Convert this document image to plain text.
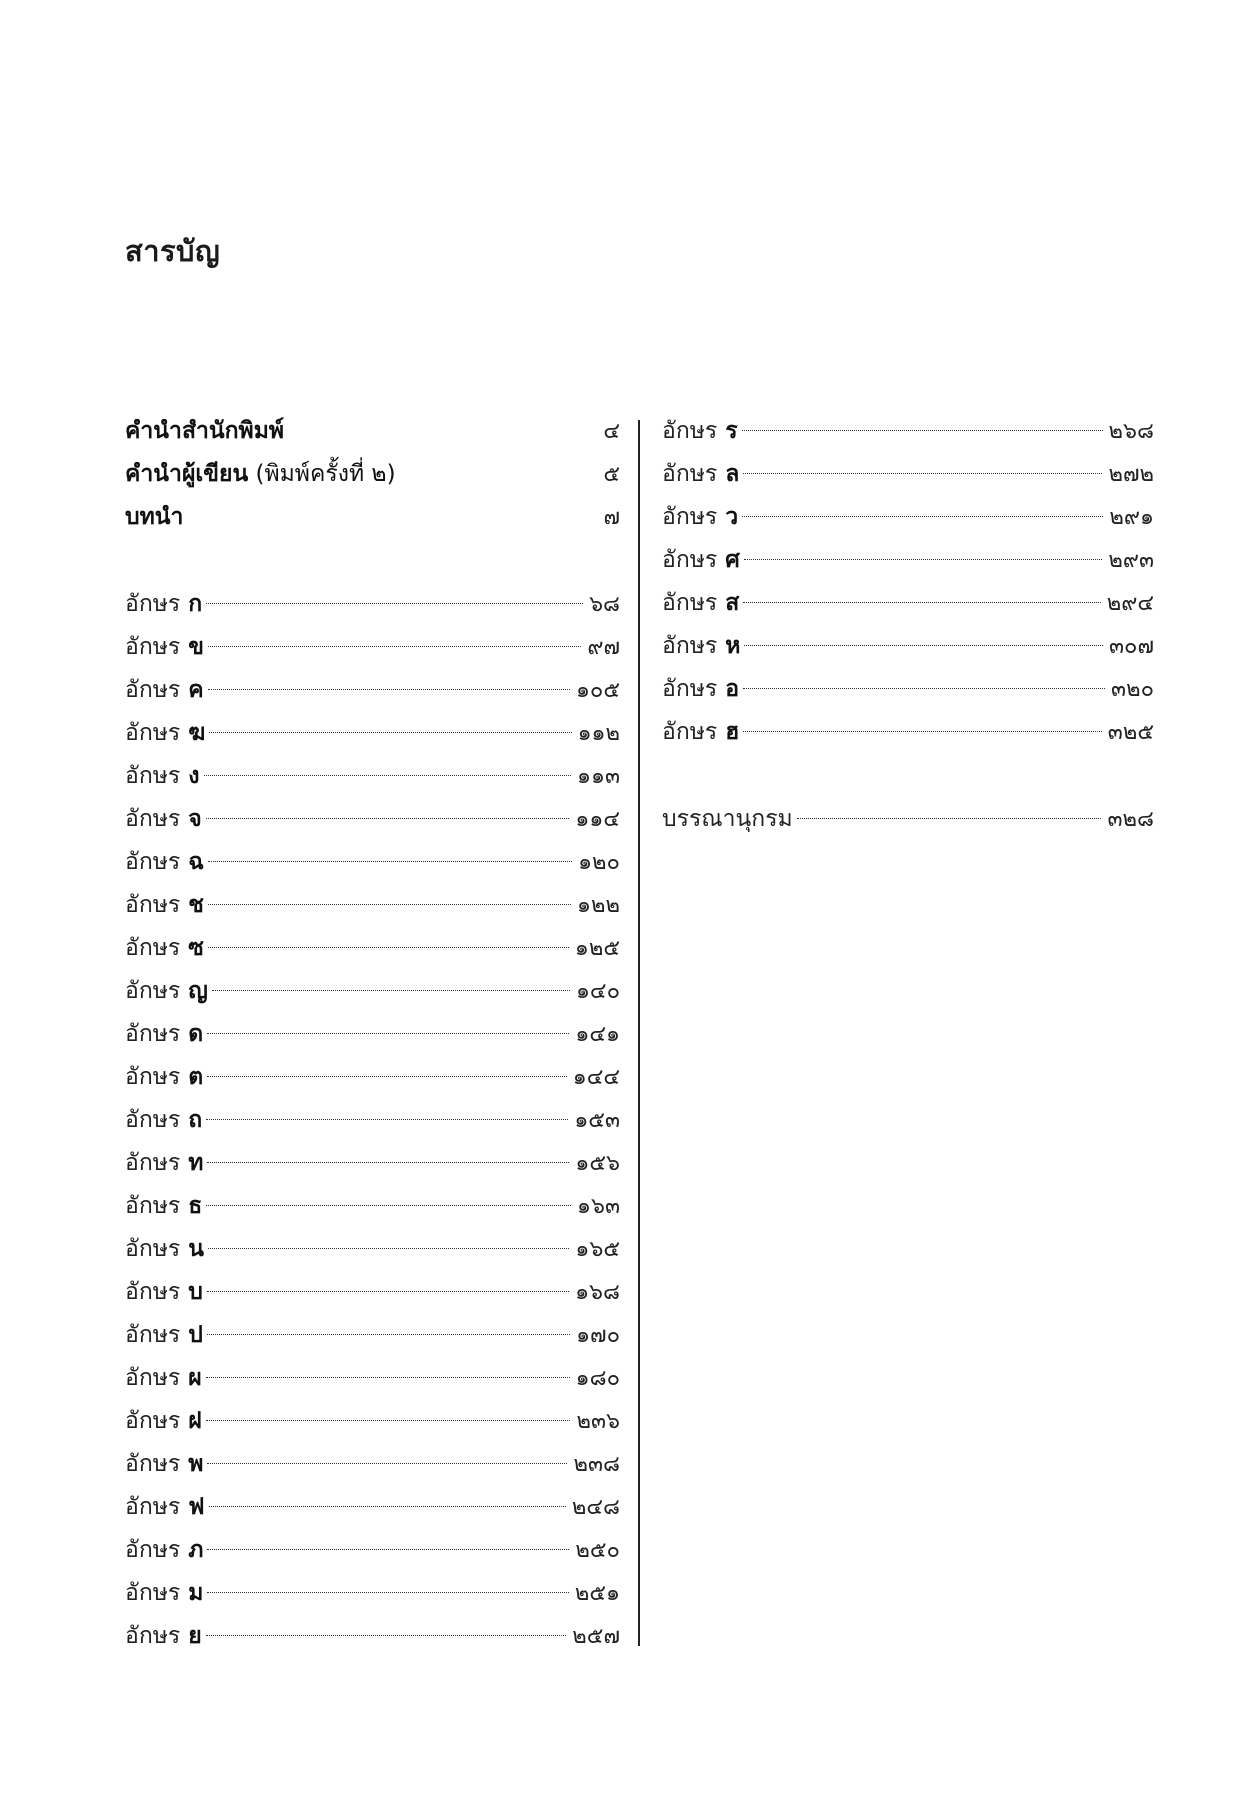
สารบัญ
คำนำสำนักพิมพ์	๔
คำนำผู้เขียน (พิมพ์ครั้งที่ ๒)	๕
บทนำ	๗
อักษร ก	๖๘
อักษร ข	๙๗
อักษร ค	๑๐๕
อักษร ฆ	๑๑๒
อักษร ง	๑๑๓
อักษร จ	๑๑๔
อักษร ฉ	๑๒๐
อักษร ช	๑๒๒
อักษร ซ	๑๒๕
อักษร ญ	๑๔๐
อักษร ด	๑๔๑
อักษร ต	๑๔๔
อักษร ถ	๑๕๓
อักษร ท	๑๕๖
อักษร ธ	๑๖๓
อักษร น	๑๖๕
อักษร บ	๑๖๘
อักษร ป	๑๗๐
อักษร ผ	๑๘๐
อักษร ฝ	๒๓๖
อักษร พ	๒๓๘
อักษร ฟ	๒๔๘
อักษร ภ	๒๕๐
อักษร ม	๒๕๑
อักษร ย	๒๕๗
อักษร ร	๒๖๘
อักษร ล	๒๗๒
อักษร ว	๒๙๑
อักษร ศ	๒๙๓
อักษร ส	๒๙๔
อักษร ห	๓๐๗
อักษร อ	๓๒๐
อักษร ฮ	๓๒๕
บรรณานุกรม	๓๒๘
